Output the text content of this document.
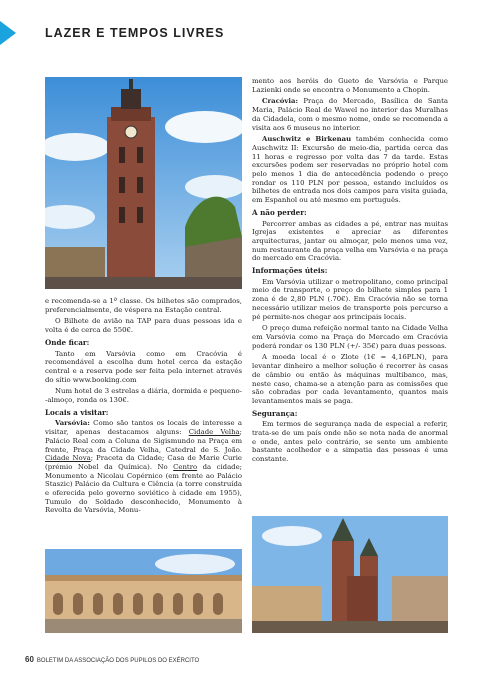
LAZER E TEMPOS LIVRES

e recomenda-se a 1ª classe. Os bilhetes são comprados, preferencialmente, de véspera na Estação central.

O Bilhete de avião na TAP para duas pessoas ida e volta é de cerca de 550€.

Onde ficar:

Tanto em Varsóvia como em Cracóvia é recomendável a escolha dum hotel cerca da estação central e a reserva pode ser feita pela internet através do sítio www.booking.com

Num hotel de 3 estrelas a diária, dormida e pequeno--almoço, ronda os 130€.

Locais a visitar:

Varsóvia: Como são tantos os locais de interesse a visitar, apenas destacamos alguns: Cidade Velha; Palácio Real com a Coluna de Sigismundo na Praça em frente, Praça da Cidade Velha, Catedral de S. João. Cidade Nova; Praceta da Cidade; Casa de Marie Curie (prémio Nobel da Química). No Centro da cidade; Monumento a Nicolau Copérnico (em frente ao Palácio Staszic) Palácio da Cultura e Ciência (a torre construída e oferecida pelo governo soviético à cidade em 1955), Tumulo do Soldado desconhecido, Monumento à Revolta de Varsóvia, Monu-

mento aos heróis do Gueto de Varsóvia e Parque Lazienki onde se encontra o Monumento a Chopin.

Cracóvia: Praça do Mercado, Basílica de Santa Maria, Palácio Real de Wawel no interior das Muralhas da Cidadela, com o mesmo nome, onde se recomenda a visita aos 6 museus no interior.

Auschwitz e Birkenau também conhecida como Auschwitz II: Excursão de meio-dia, partida cerca das 11 horas e regresso por volta das 7 da tarde. Estas excursões podem ser reservadas no próprio hotel com pelo menos 1 dia de antecedência podendo o preço rondar os 110 PLN por pessoa, estando incluídos os bilhetes de entrada nos dois campos para visita guiada, em Espanhol ou até mesmo em português.

A não perder:

Percorrer ambas as cidades a pé, entrar nas muitas Igrejas existentes e apreciar as diferentes arquitecturas, jantar ou almoçar, pelo menos uma vez, num restaurante da praça velha em Varsóvia e na praça do mercado em Cracóvia.

Informações úteis:

Em Varsóvia utilizar o metropolitano, como principal meio de transporte, o preço do bilhete simples para 1 zona é de 2,80 PLN (.70€). Em Cracóvia não se torna necessário utilizar meios de transporte pois percurso a pé permite-nos chegar aos principais locais.

O preço duma refeição normal tanto na Cidade Velha em Varsóvia como na Praça do Mercado em Cracóvia poderá rondar os 130 PLN (+/- 35€) para duas pessoas.

A moeda local é o Zlote (1€ = 4,16PLN), para levantar dinheiro a melhor solução é recorrer às casas de câmbio ou então às máquinas multibanco, mas, neste caso, chama-se a atenção para as comissões que são cobradas por cada levantamento, quantos mais levantamentos mais se paga.

Segurança:

Em termos de segurança nada de especial a referir, trata-se de um país onde não se nota nada de anormal e onde, antes pelo contrário, se sente um ambiente bastante acolhedor e a simpatia das pessoas é uma constante.

60 BOLETIM DA ASSOCIAÇÃO DOS PUPILOS DO EXÉRCITO
